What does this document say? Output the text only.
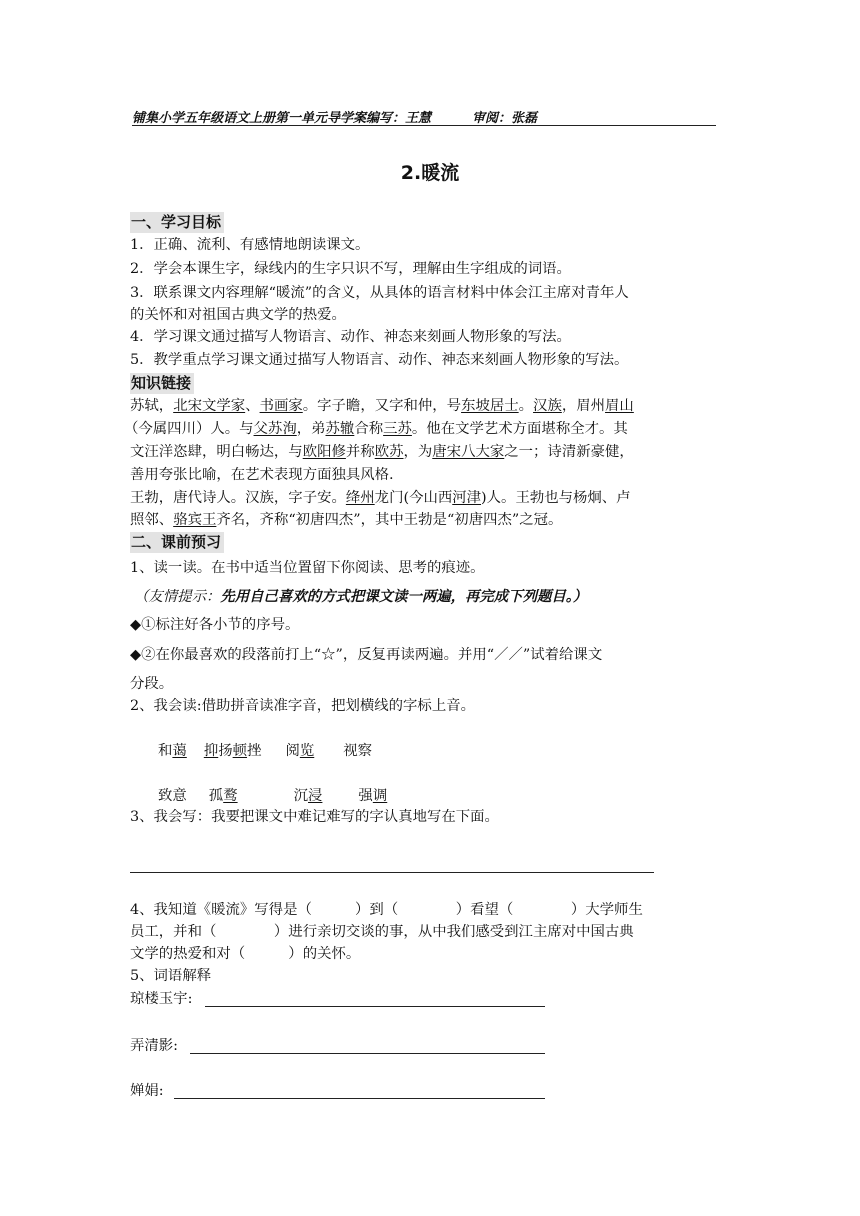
铺集小学五年级语文上册第一单元导学案编写：王慧	审阅：张磊
2.暖流
一、学习目标
1．正确、流利、有感情地朗读课文。
2．学会本课生字，绿线内的生字只识不写，理解由生字组成的词语。
3．联系课文内容理解“暖流”的含义，从具体的语言材料中体会江主席对青年人
的关怀和对祖国古典文学的热爱。
4．学习课文通过描写人物语言、动作、神态来刻画人物形象的写法。
5．教学重点学习课文通过描写人物语言、动作、神态来刻画人物形象的写法。
知识链接
苏轼，北宋文学家、书画家。字子瞻，又字和仲，号东坡居士。汉族，眉州眉山
（今属四川）人。与父苏洵，弟苏辙合称三苏。他在文学艺术方面堪称全才。其
文汪洋恣肆，明白畅达，与欧阳修并称欧苏，为唐宋八大家之一；诗清新豪健，
善用夸张比喻，在艺术表现方面独具风格.
王勃，唐代诗人。汉族，字子安。绛州龙门(今山西河津)人。王勃也与杨炯、卢
照邻、骆宾王齐名，齐称“初唐四杰”，其中王勃是“初唐四杰”之冠。
二、课前预习
1、读一读。在书中适当位置留下你阅读、思考的痕迹。
（友情提示：先用自己喜欢的方式把课文读一两遍，再完成下列题目。）
◆①标注好各小节的序号。
◆②在你最喜欢的段落前打上“☆”，反复再读两遍。并用“／／”试着给课文
分段。
2、我会读:借助拼音读准字音，把划横线的字标上音。
和蔼 抑扬顿挫 阅览 视察
致意 孤鹜	沉浸	强调
3、我会写：我要把课文中难记难写的字认真地写在下面。
4、我知道《暖流》写得是（　　　）到（　　　　）看望（　　　　）大学师生
员工，并和（　　　　）进行亲切交谈的事，从中我们感受到江主席对中国古典
文学的热爱和对（　　　）的关怀。
5、词语解释
琼楼玉宇:
弄清影:
婵娟:
